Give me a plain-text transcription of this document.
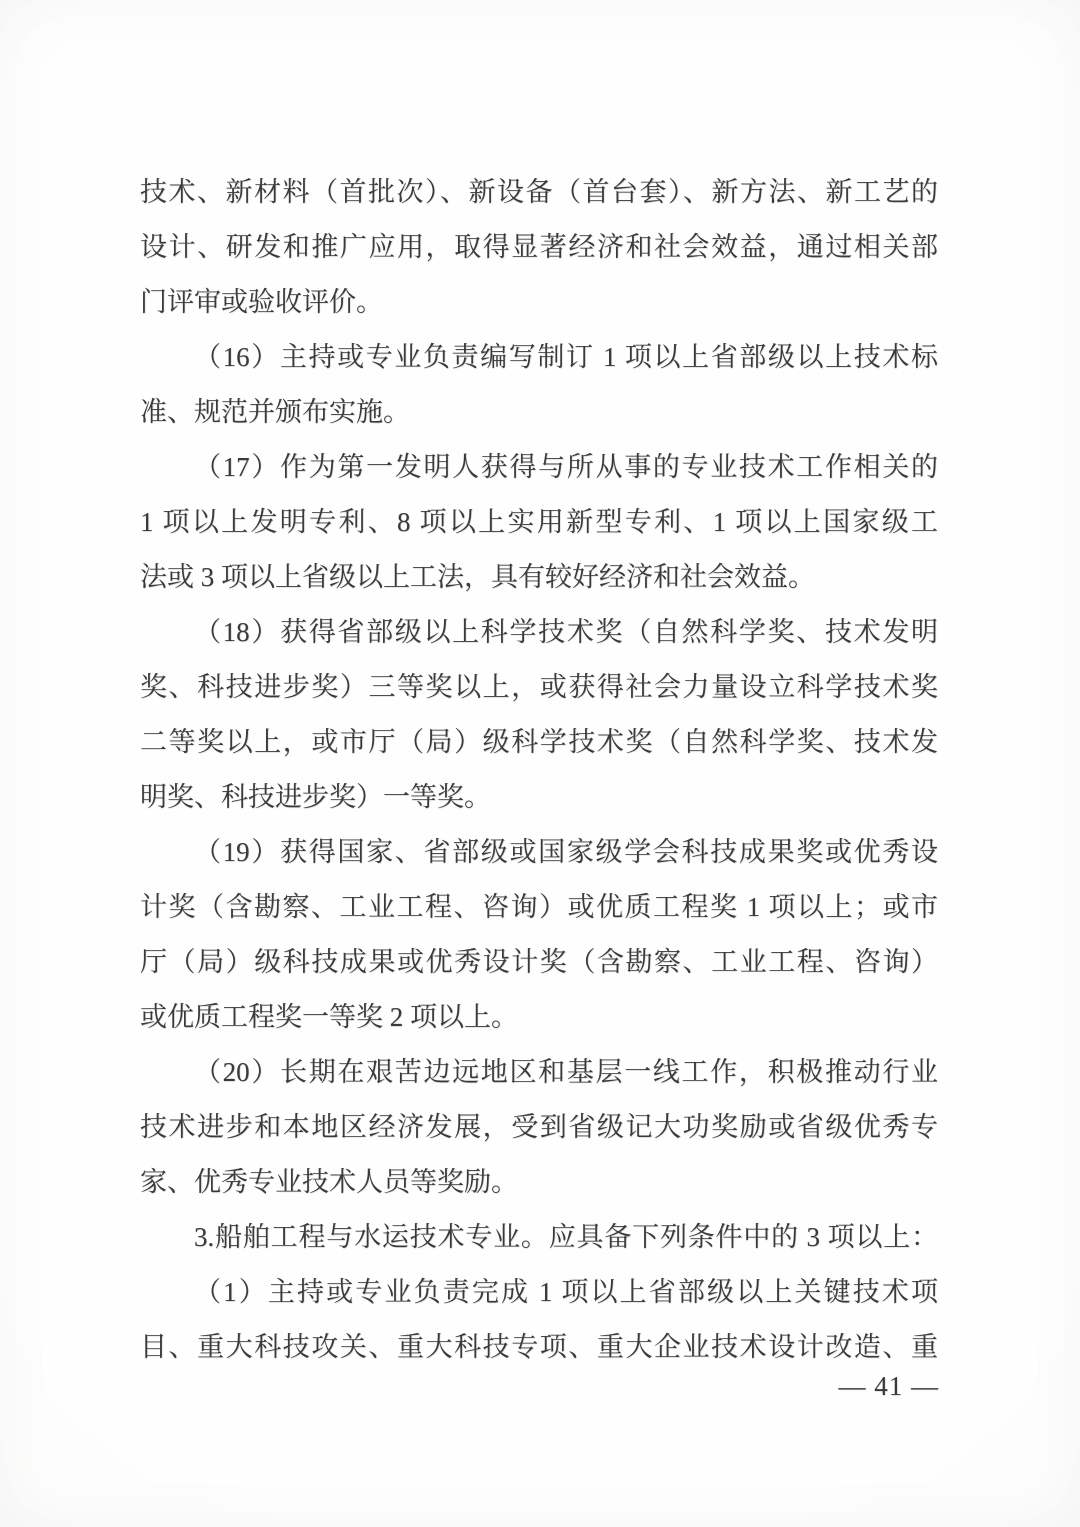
技术、新材料（首批次）、新设备（首台套）、新方法、新工艺的
设计、研发和推广应用，取得显著经济和社会效益，通过相关部
门评审或验收评价。
（16）主持或专业负责编写制订 1 项以上省部级以上技术标
准、规范并颁布实施。
（17）作为第一发明人获得与所从事的专业技术工作相关的
1 项以上发明专利、8 项以上实用新型专利、1 项以上国家级工
法或 3 项以上省级以上工法，具有较好经济和社会效益。
（18）获得省部级以上科学技术奖（自然科学奖、技术发明
奖、科技进步奖）三等奖以上，或获得社会力量设立科学技术奖
二等奖以上，或市厅（局）级科学技术奖（自然科学奖、技术发
明奖、科技进步奖）一等奖。
（19）获得国家、省部级或国家级学会科技成果奖或优秀设
计奖（含勘察、工业工程、咨询）或优质工程奖 1 项以上；或市
厅（局）级科技成果或优秀设计奖（含勘察、工业工程、咨询）
或优质工程奖一等奖 2 项以上。
（20）长期在艰苦边远地区和基层一线工作，积极推动行业
技术进步和本地区经济发展，受到省级记大功奖励或省级优秀专
家、优秀专业技术人员等奖励。
3.船舶工程与水运技术专业。应具备下列条件中的 3 项以上：
（1）主持或专业负责完成 1 项以上省部级以上关键技术项
目、重大科技攻关、重大科技专项、重大企业技术设计改造、重
— 41 —
